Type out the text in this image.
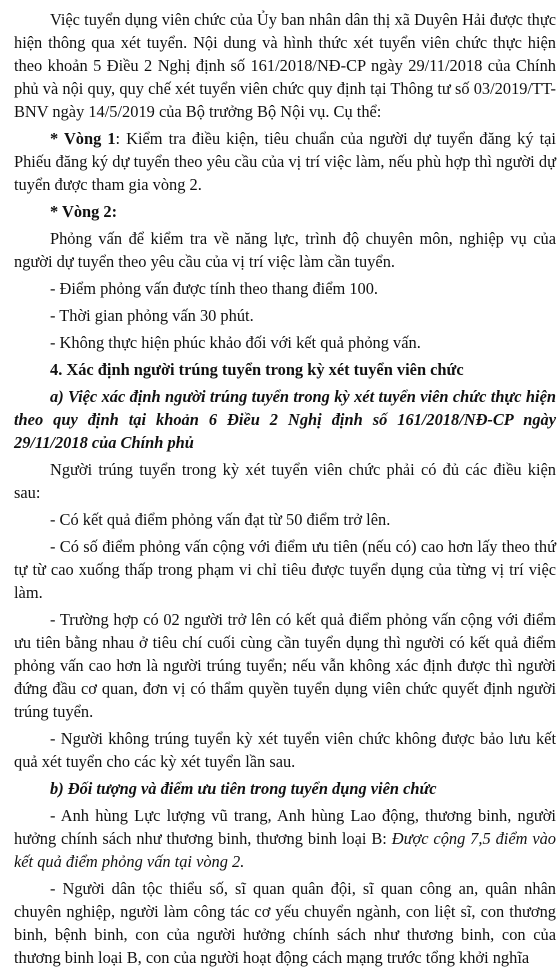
Việc tuyển dụng viên chức của Ủy ban nhân dân thị xã Duyên Hải được thực hiện thông qua xét tuyển. Nội dung và hình thức xét tuyển viên chức thực hiện theo khoản 5 Điều 2 Nghị định số 161/2018/NĐ-CP ngày 29/11/2018 của Chính phủ và nội quy, quy chế xét tuyển viên chức quy định tại Thông tư số 03/2019/TT-BNV ngày 14/5/2019 của Bộ trưởng Bộ Nội vụ. Cụ thể:

* Vòng 1: Kiểm tra điều kiện, tiêu chuẩn của người dự tuyển đăng ký tại Phiếu đăng ký dự tuyển theo yêu cầu của vị trí việc làm, nếu phù hợp thì người dự tuyển được tham gia vòng 2.

* Vòng 2:

Phỏng vấn để kiểm tra về năng lực, trình độ chuyên môn, nghiệp vụ của người dự tuyển theo yêu cầu của vị trí việc làm cần tuyển.

- Điểm phỏng vấn được tính theo thang điểm 100.

- Thời gian phỏng vấn 30 phút.

- Không thực hiện phúc khảo đối với kết quả phỏng vấn.

4. Xác định người trúng tuyển trong kỳ xét tuyển viên chức

a) Việc xác định người trúng tuyển trong kỳ xét tuyển viên chức thực hiện theo quy định tại khoản 6 Điều 2 Nghị định số 161/2018/NĐ-CP ngày 29/11/2018 của Chính phủ

Người trúng tuyển trong kỳ xét tuyển viên chức phải có đủ các điều kiện sau:

- Có kết quả điểm phỏng vấn đạt từ 50 điểm trở lên.

- Có số điểm phỏng vấn cộng với điểm ưu tiên (nếu có) cao hơn lấy theo thứ tự từ cao xuống thấp trong phạm vi chỉ tiêu được tuyển dụng của từng vị trí việc làm.

- Trường hợp có 02 người trở lên có kết quả điểm phỏng vấn cộng với điểm ưu tiên bằng nhau ở tiêu chí cuối cùng cần tuyển dụng thì người có kết quả điểm phỏng vấn cao hơn là người trúng tuyển; nếu vẫn không xác định được thì người đứng đầu cơ quan, đơn vị có thẩm quyền tuyển dụng viên chức quyết định người trúng tuyển.

- Người không trúng tuyển kỳ xét tuyển viên chức không được bảo lưu kết quả xét tuyển cho các kỳ xét tuyển lần sau.

b) Đối tượng và điểm ưu tiên trong tuyển dụng viên chức

- Anh hùng Lực lượng vũ trang, Anh hùng Lao động, thương binh, người hưởng chính sách như thương binh, thương binh loại B: Được cộng 7,5 điểm vào kết quả điểm phỏng vấn tại vòng 2.

- Người dân tộc thiểu số, sĩ quan quân đội, sĩ quan công an, quân nhân chuyên nghiệp, người làm công tác cơ yếu chuyển ngành, con liệt sĩ, con thương binh, bệnh binh, con của người hưởng chính sách như thương binh, con của thương binh loại B, con của người hoạt động cách mạng trước tổng khởi nghĩa
